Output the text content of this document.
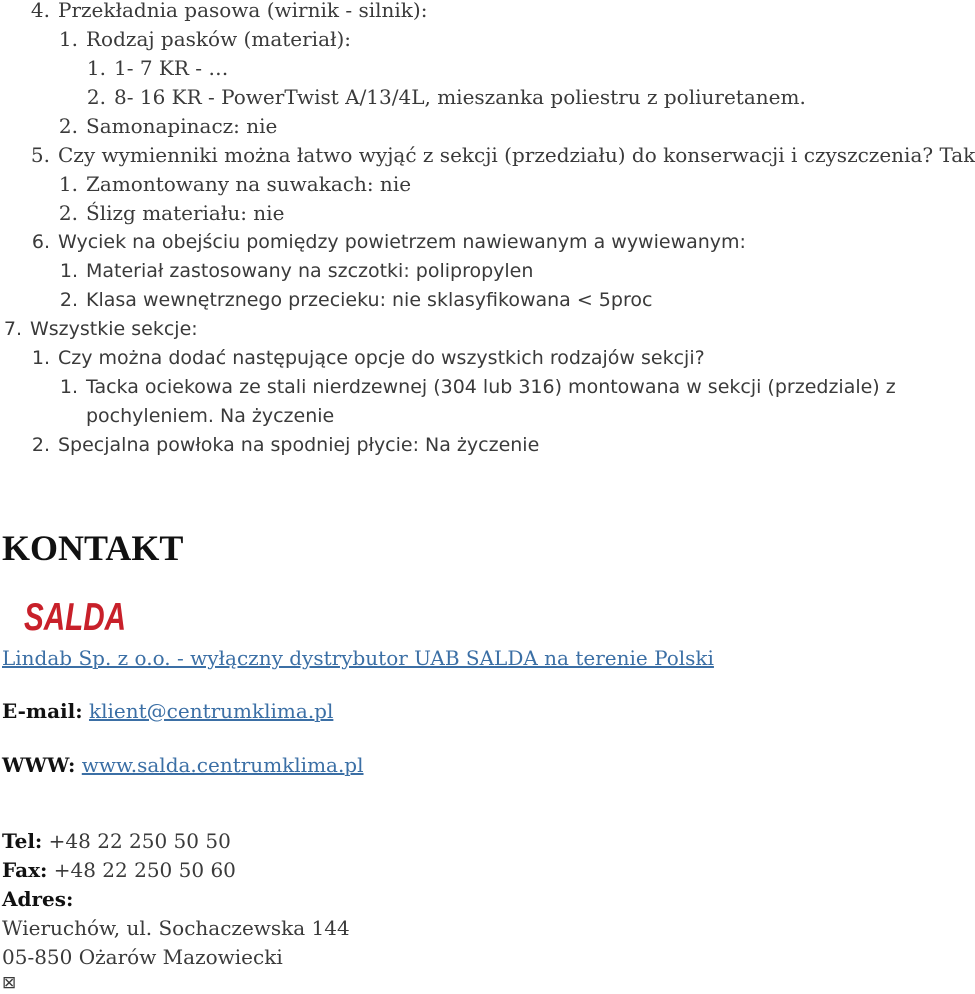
4. Przekładnia pasowa (wirnik - silnik):
1. Rodzaj pasków (materiał):
1. 1- 7 KR - …
2. 8- 16 KR - PowerTwist A/13/4L, mieszanka poliestru z poliuretanem.
2. Samonapinacz: nie
5. Czy wymienniki można łatwo wyjąć z sekcji (przedziału) do konserwacji i czyszczenia? Tak
1. Zamontowany na suwakach: nie
2. Ślizg materiału: nie
6. Wyciek na obejściu pomiędzy powietrzem nawiewanym a wywiewanym:
1. Materiał zastosowany na szczotki: polipropylen
2. Klasa wewnętrznego przecieku: nie sklasyfikowana < 5proc
7. Wszystkie sekcje:
1. Czy można dodać następujące opcje do wszystkich rodzajów sekcji?
1. Tacka ociekowa ze stali nierdzewnej (304 lub 316) montowana w sekcji (przedziale) z
pochyleniem. Na życzenie
2. Specjalna powłoka na spodniej płycie: Na życzenie
KONTAKT
SALDA
Lindab Sp. z o.o. - wyłączny dystrybutor UAB SALDA na terenie Polski
E-mail: klient@centrumklima.pl
WWW: www.salda.centrumklima.pl
Tel: +48 22 250 50 50
Fax: +48 22 250 50 60
Adres:
Wieruchów, ul. Sochaczewska 144
05-850 Ożarów Mazowiecki
⊠
